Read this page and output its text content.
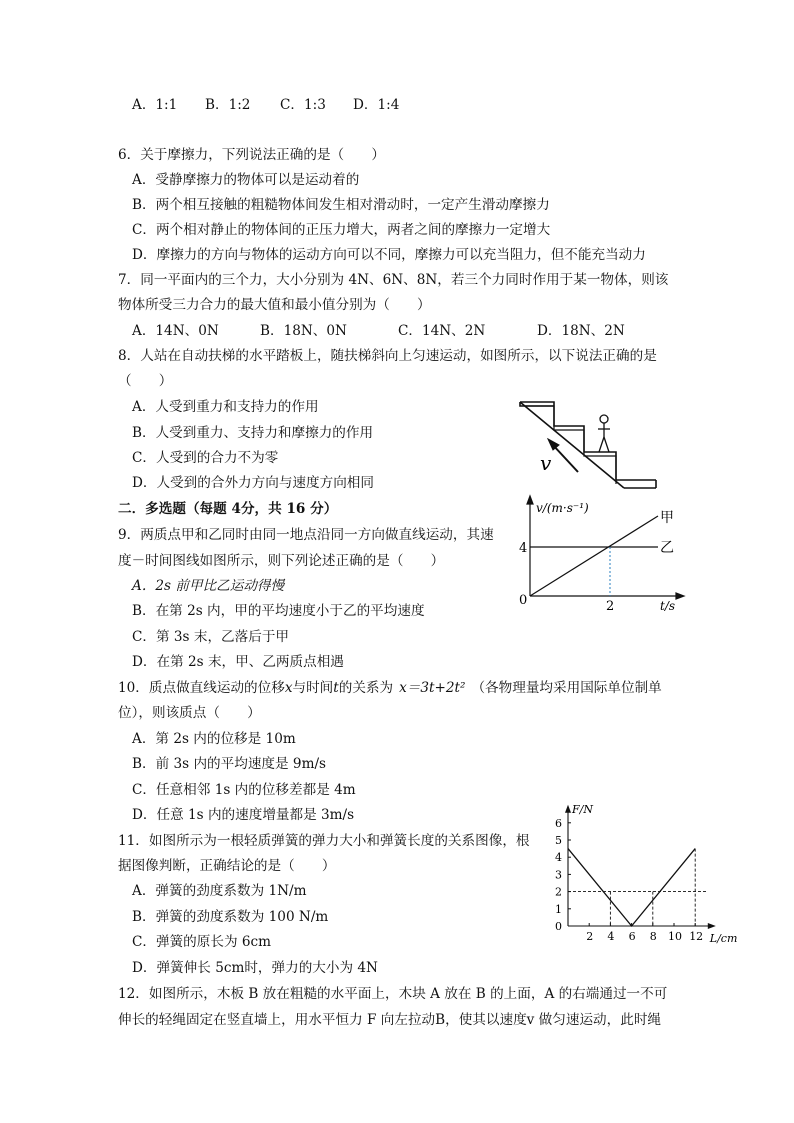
A．1:1 B．1:2 C．1:3 D．1:4
6．关于摩擦力，下列说法正确的是（　　）
A．受静摩擦力的物体可以是运动着的
B．两个相互接触的粗糙物体间发生相对滑动时，一定产生滑动摩擦力
C．两个相对静止的物体间的正压力增大，两者之间的摩擦力一定增大
D．摩擦力的方向与物体的运动方向可以不同，摩擦力可以充当阻力，但不能充当动力
7．同一平面内的三个力，大小分别为 4N、6N、8N，若三个力同时作用于某一物体，则该
物体所受三力合力的最大值和最小值分别为（　　）
A．14N、0N	B．18N、0N	C．14N、2N	D．18N、2N
8．人站在自动扶梯的水平踏板上，随扶梯斜向上匀速运动，如图所示，以下说法正确的是
（　　）
A．人受到重力和支持力的作用
B．人受到重力、支持力和摩擦力的作用
C．人受到的合力不为零
D．人受到的合外力方向与速度方向相同
v
二．多选题（每题 4分，共 16 分）
9．两质点甲和乙同时由同一地点沿同一方向做直线运动，其速
度－时间图线如图所示，则下列论述正确的是（　　）
A．2s 前甲比乙运动得慢
B．在第 2s 内，甲的平均速度小于乙的平均速度
C．第 3s 末，乙落后于甲
D．在第 2s 末，甲、乙两质点相遇
v/(m·s⁻¹)
甲
乙
4
0	2	t/s
10．质点做直线运动的位移x与时间t的关系为 x＝3t+2t² （各物理量均采用国际单位制单
位），则该质点（　　）
A．第 2s 内的位移是 10m
B．前 3s 内的平均速度是 9m/s
C．任意相邻 1s 内的位移差都是 4m
D．任意 1s 内的速度增量都是 3m/s
11．如图所示为一根轻质弹簧的弹力大小和弹簧长度的关系图像，根
据图像判断，正确结论的是（　　）
A．弹簧的劲度系数为 1N/m
B．弹簧的劲度系数为 100 N/m
C．弹簧的原长为 6cm
D．弹簧伸长 5cm时，弹力的大小为 4N
0
1
2
3
4
5
6
2 4 6 8 10 12
F/N
L/cm
12．如图所示，木板 B 放在粗糙的水平面上，木块 A 放在 B 的上面，A 的右端通过一不可
伸长的轻绳固定在竖直墙上，用水平恒力 F 向左拉动B，使其以速度v 做匀速运动，此时绳
